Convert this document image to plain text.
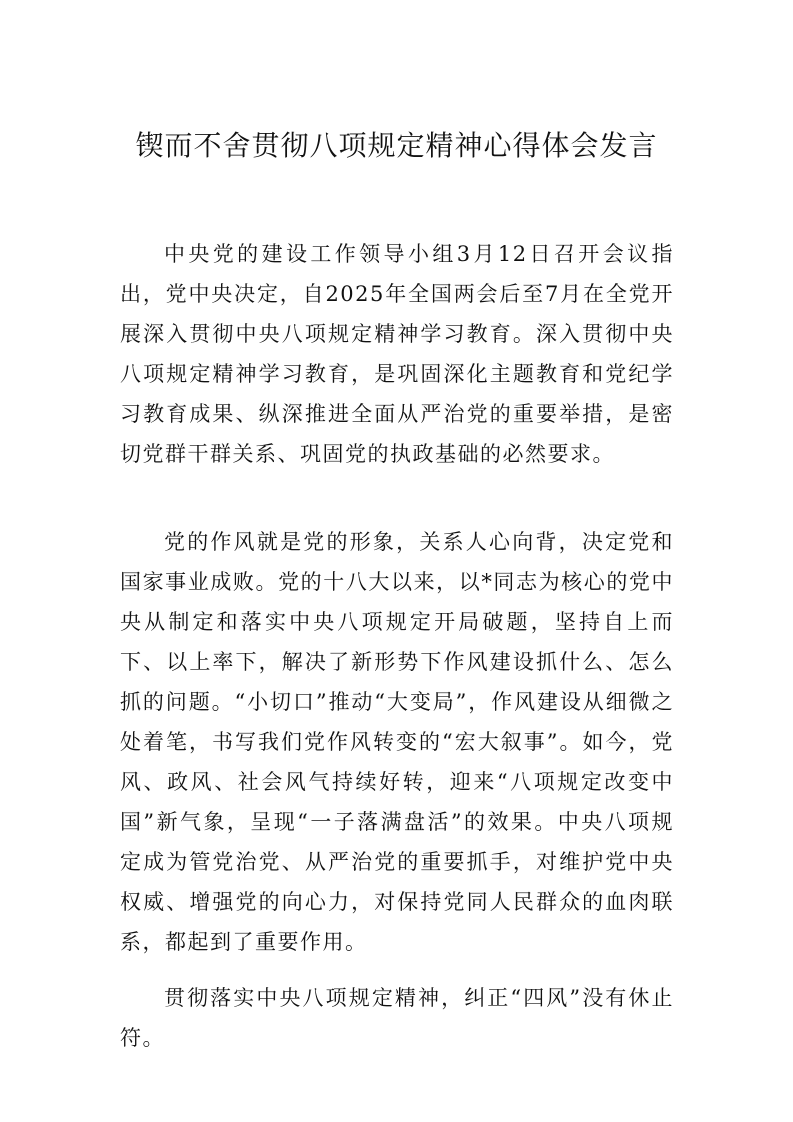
锲而不舍贯彻八项规定精神心得体会发言

中央党的建设工作领导小组3月12日召开会议指出，党中央决定，自2025年全国两会后至7月在全党开展深入贯彻中央八项规定精神学习教育。深入贯彻中央八项规定精神学习教育，是巩固深化主题教育和党纪学习教育成果、纵深推进全面从严治党的重要举措，是密切党群干群关系、巩固党的执政基础的必然要求。

党的作风就是党的形象，关系人心向背，决定党和国家事业成败。党的十八大以来，以*同志为核心的党中央从制定和落实中央八项规定开局破题，坚持自上而下、以上率下，解决了新形势下作风建设抓什么、怎么抓的问题。“小切口”推动“大变局”，作风建设从细微之处着笔，书写我们党作风转变的“宏大叙事”。如今，党风、政风、社会风气持续好转，迎来“八项规定改变中国”新气象，呈现“一子落满盘活”的效果。中央八项规定成为管党治党、从严治党的重要抓手，对维护党中央权威、增强党的向心力，对保持党同人民群众的血肉联系，都起到了重要作用。

贯彻落实中央八项规定精神，纠正“四风”没有休止符。
